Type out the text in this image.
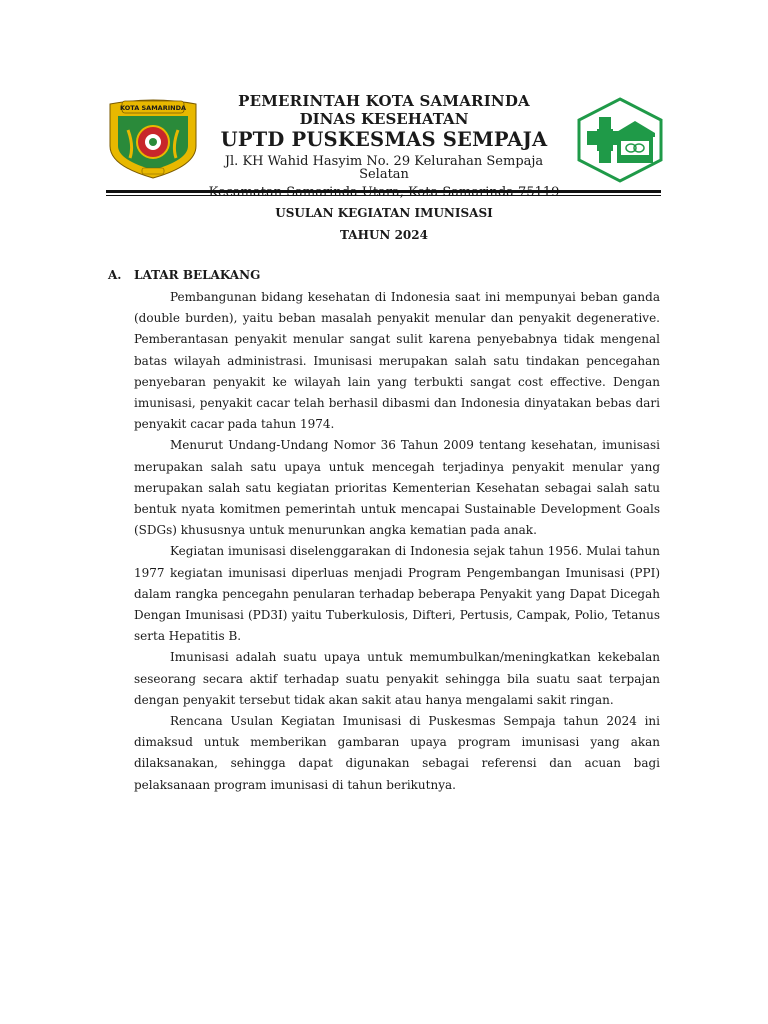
KOTA SAMARINDA	PEMERINTAH KOTA SAMARINDA
DINAS KESEHATAN
UPTD PUSKESMAS SEMPAJA
Jl. KH Wahid Hasyim No. 29 Kelurahan Sempaja Selatan
USULAN KEGIATAN IMUNISASI
TAHUN 2024
A. LATAR BELAKANG

Pembangunan bidang kesehatan di Indonesia saat ini mempunyai beban ganda (double burden), yaitu beban masalah penyakit menular dan penyakit degenerative. Pemberantasan penyakit menular sangat sulit karena penyebabnya tidak mengenal batas wilayah administrasi. Imunisasi merupakan salah satu tindakan pencegahan penyebaran penyakit ke wilayah lain yang terbukti sangat cost effective. Dengan imunisasi, penyakit cacar telah berhasil dibasmi dan Indonesia dinyatakan bebas dari penyakit cacar pada tahun 1974.

Menurut Undang-Undang Nomor 36 Tahun 2009 tentang kesehatan, imunisasi merupakan salah satu upaya untuk mencegah terjadinya penyakit menular yang merupakan salah satu kegiatan prioritas Kementerian Kesehatan sebagai salah satu bentuk nyata komitmen pemerintah untuk mencapai Sustainable Development Goals (SDGs) khususnya untuk menurunkan angka kematian pada anak.

Kegiatan imunisasi diselenggarakan di Indonesia sejak tahun 1956. Mulai tahun 1977 kegiatan imunisasi diperluas menjadi Program Pengembangan Imunisasi (PPI) dalam rangka pencegahn penularan terhadap beberapa Penyakit yang Dapat Dicegah Dengan Imunisasi (PD3I) yaitu Tuberkulosis, Difteri, Pertusis, Campak, Polio, Tetanus serta Hepatitis B.

Imunisasi adalah suatu upaya untuk memumbulkan/meningkatkan kekebalan seseorang secara aktif terhadap suatu penyakit sehingga bila suatu saat terpajan dengan penyakit tersebut tidak akan sakit atau hanya mengalami sakit ringan.

Rencana Usulan Kegiatan Imunisasi di Puskesmas Sempaja tahun 2024 ini dimaksud untuk memberikan gambaran upaya program imunisasi yang akan dilaksanakan, sehingga dapat digunakan sebagai referensi dan acuan bagi pelaksanaan program imunisasi di tahun berikutnya.
